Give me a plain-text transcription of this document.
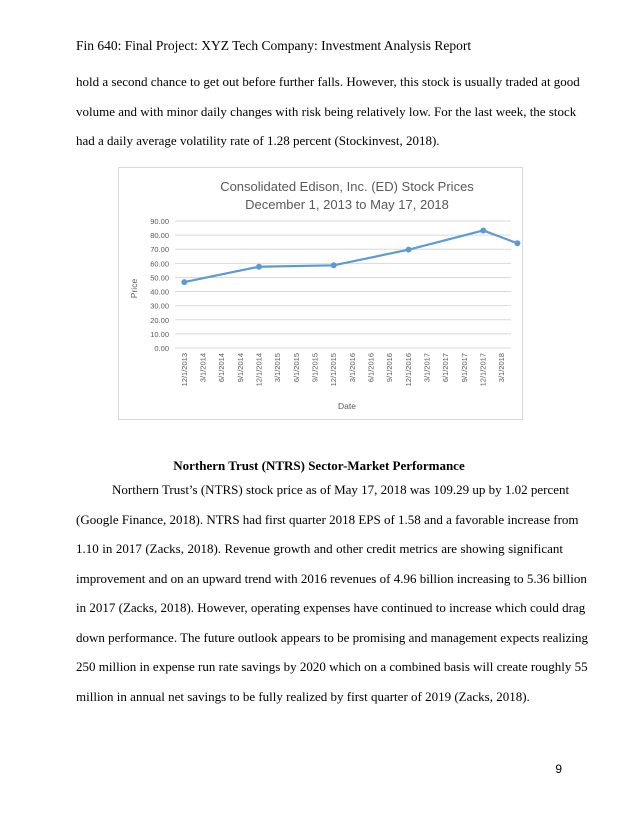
Fin 640: Final Project: XYZ Tech Company: Investment Analysis Report
hold a second chance to get out before further falls. However, this stock is usually traded at good
volume and with minor daily changes with risk being relatively low. For the last week, the stock
had a daily average volatility rate of 1.28 percent (Stockinvest, 2018).
Consolidated Edison, Inc. (ED) Stock Prices
December 1, 2013 to May 17, 2018
0.00
10.00
20.00
30.00
40.00
50.00
60.00
70.00
80.00
90.00
12/1/2013 3/1/2014 6/1/2014 9/1/2014 12/1/2014 3/1/2015 6/1/2015 9/1/2015 12/1/2015 3/1/2016 6/1/2016 9/1/2016 12/1/2016 3/1/2017 6/1/2017 9/1/2017 12/1/2017 3/1/2018
Date
Price
Northern Trust (NTRS) Sector-Market Performance
Northern Trust’s (NTRS) stock price as of May 17, 2018 was 109.29 up by 1.02 percent
(Google Finance, 2018). NTRS had first quarter 2018 EPS of 1.58 and a favorable increase from
1.10 in 2017 (Zacks, 2018). Revenue growth and other credit metrics are showing significant
improvement and on an upward trend with 2016 revenues of 4.96 billion increasing to 5.36 billion
in 2017 (Zacks, 2018). However, operating expenses have continued to increase which could drag
down performance. The future outlook appears to be promising and management expects realizing
250 million in expense run rate savings by 2020 which on a combined basis will create roughly 55
million in annual net savings to be fully realized by first quarter of 2019 (Zacks, 2018).
9
